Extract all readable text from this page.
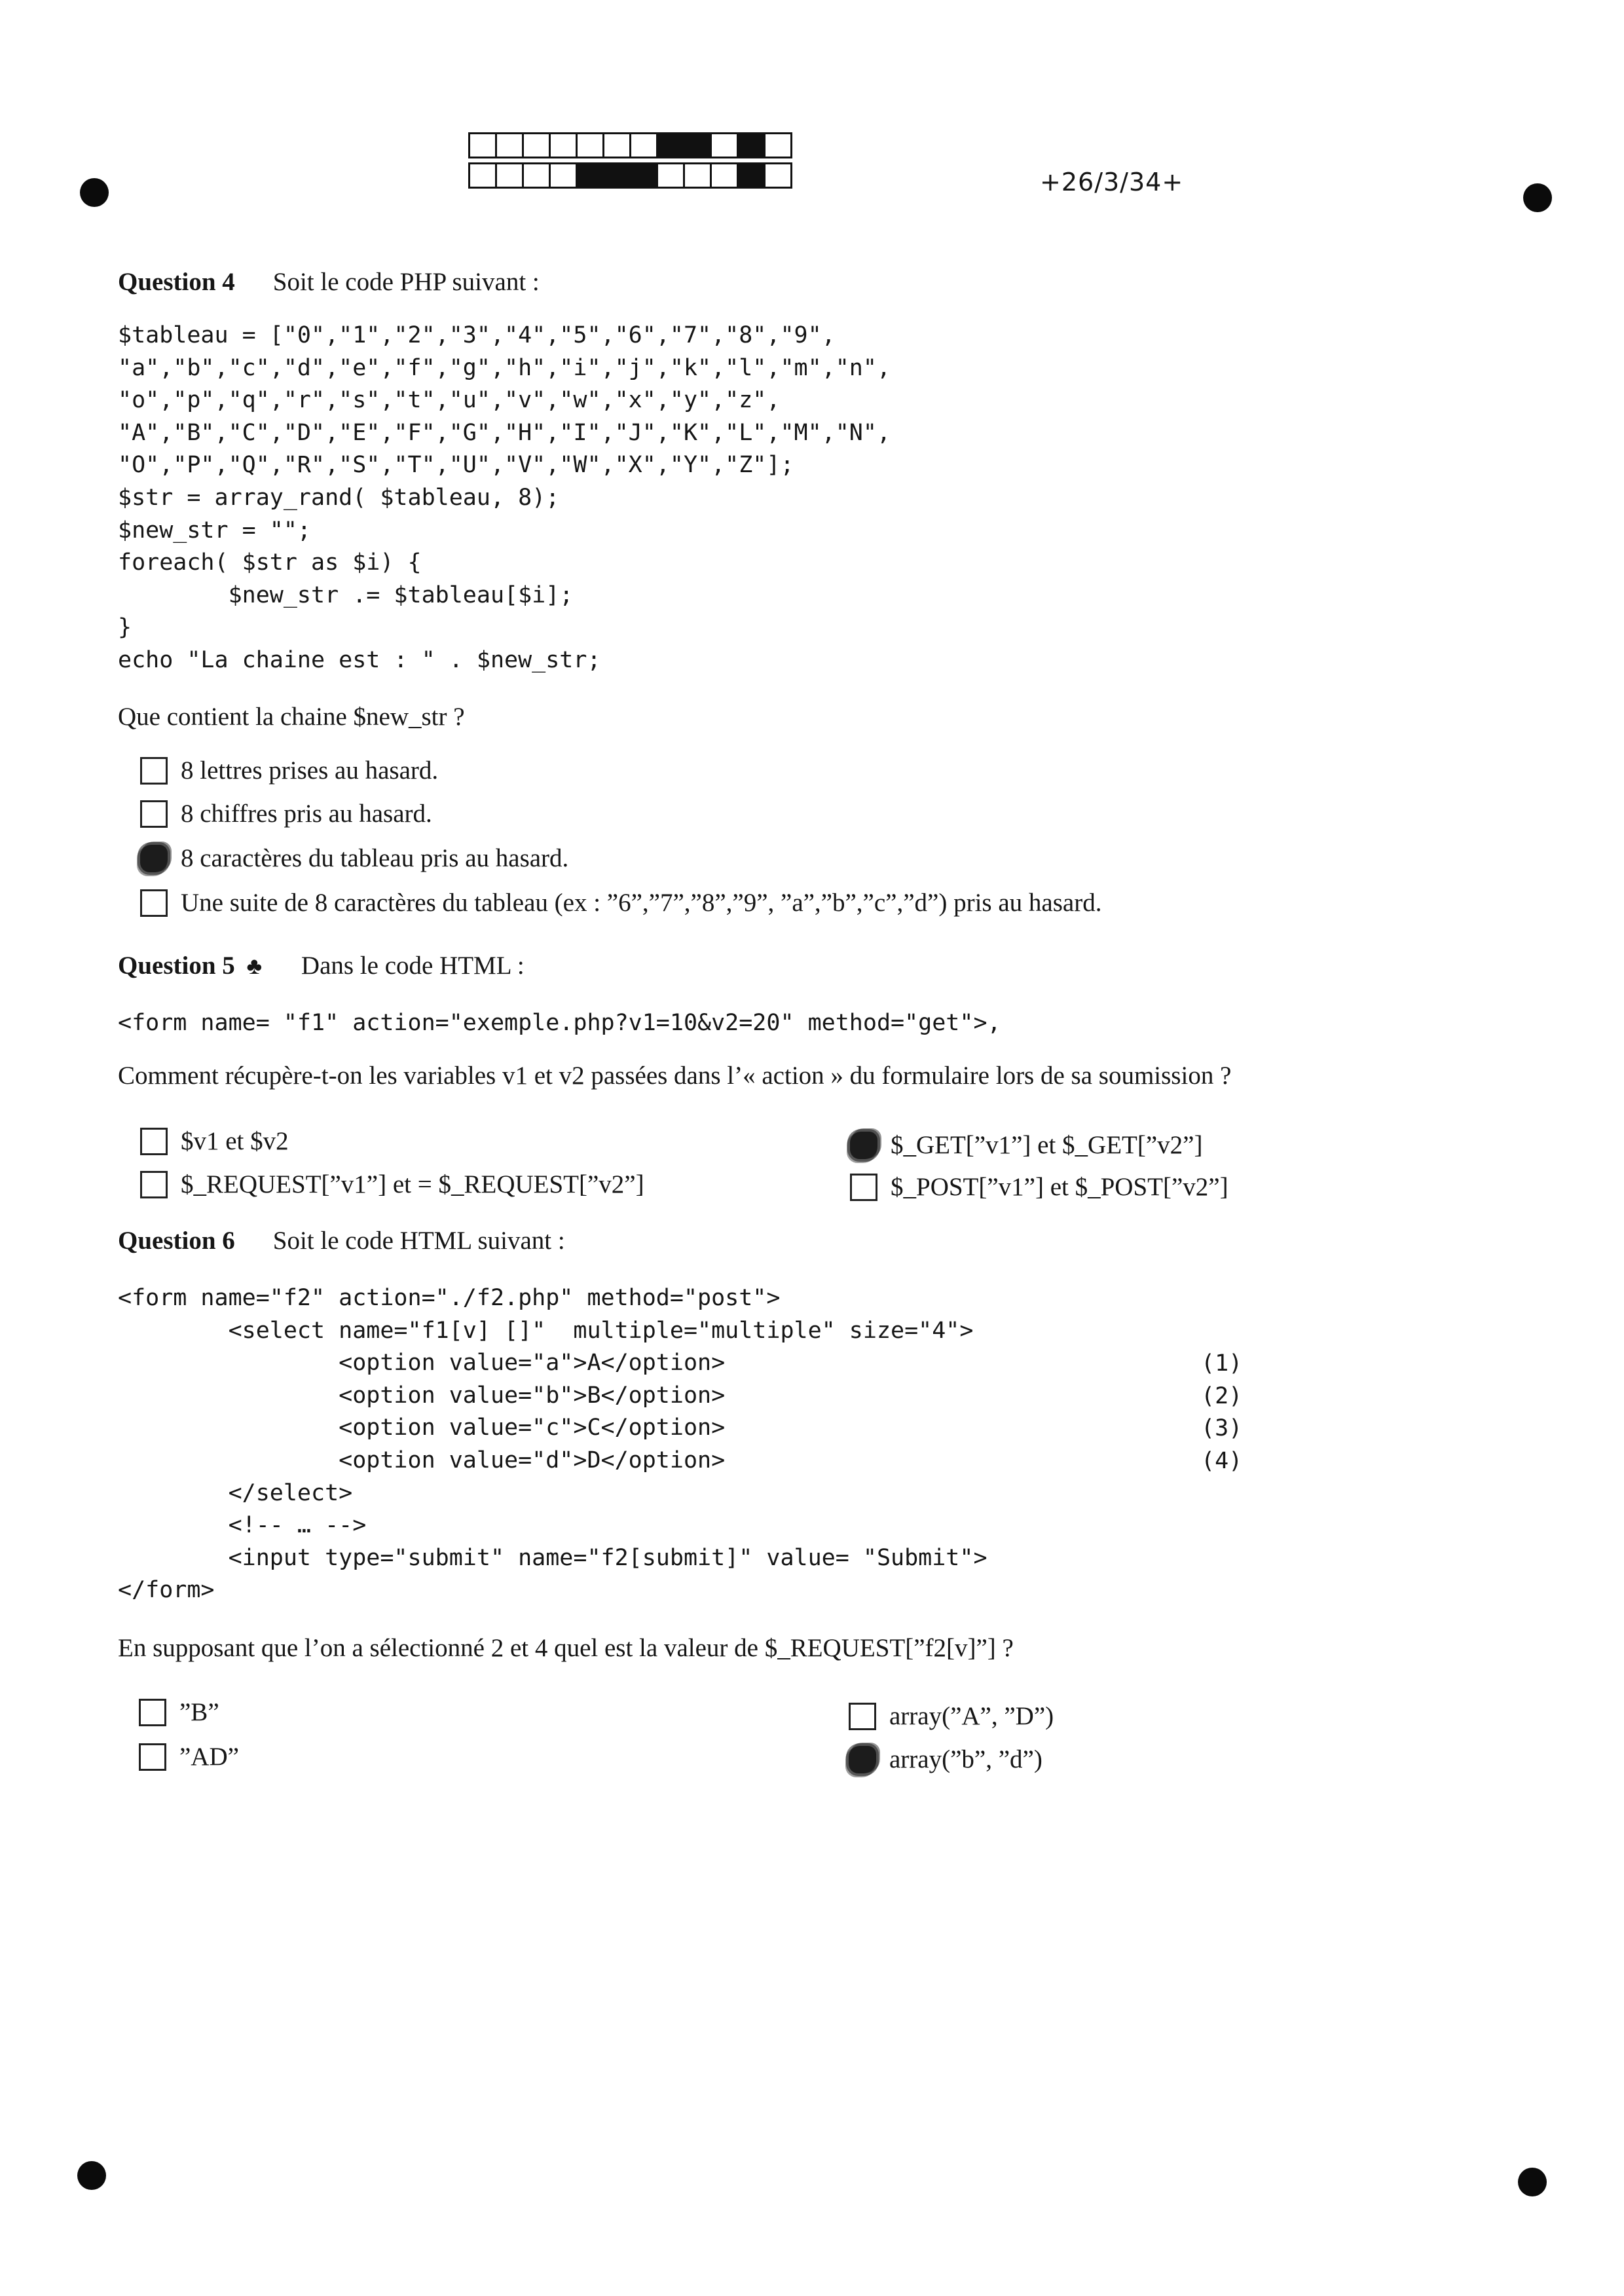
+26/3/34+
Question 4 Soit le code PHP suivant :
$tableau = ["0","1","2","3","4","5","6","7","8","9",
"a","b","c","d","e","f","g","h","i","j","k","l","m","n",
"o","p","q","r","s","t","u","v","w","x","y","z",
"A","B","C","D","E","F","G","H","I","J","K","L","M","N",
"O","P","Q","R","S","T","U","V","W","X","Y","Z"];
$str = array_rand( $tableau, 8);
$new_str = "";
foreach( $str as $i) {
$new_str .= $tableau[$i];
}
echo "La chaine est : " . $new_str;
Que contient la chaine $new_str ?
8 lettres prises au hasard.
8 chiffres pris au hasard.
8 caractères du tableau pris au hasard.
Une suite de 8 caractères du tableau (ex : ”6”,”7”,”8”,”9”, ”a”,”b”,”c”,”d”) pris au hasard.
Question 5 ♣ Dans le code HTML :
<form name= "f1" action="exemple.php?v1=10&v2=20" method="get">,
Comment récupère-t-on les variables v1 et v2 passées dans l’« action » du formulaire lors de sa soumission ?
$v1 et $v2	$_GET[”v1”] et $_GET[”v2”]
$_REQUEST[”v1”] et = $_REQUEST[”v2”]	$_POST[”v1”] et $_POST[”v2”]
Question 6 Soit le code HTML suivant :
<form name="f2" action="./f2.php" method="post">
<select name="f1[v] []"  multiple="multiple" size="4">
<option value="a">A</option>
<option value="b">B</option>
<option value="c">C</option>
<option value="d">D</option>
</select>
<!-- … -->
<input type="submit" name="f2[submit]" value= "Submit">
</form>
(1)
(2)
(3)
(4)
En supposant que l’on a sélectionné 2 et 4 quel est la valeur de $_REQUEST[”f2[v]”] ?
”B”	array(”A”, ”D”)
”AD”	array(”b”, ”d”)
